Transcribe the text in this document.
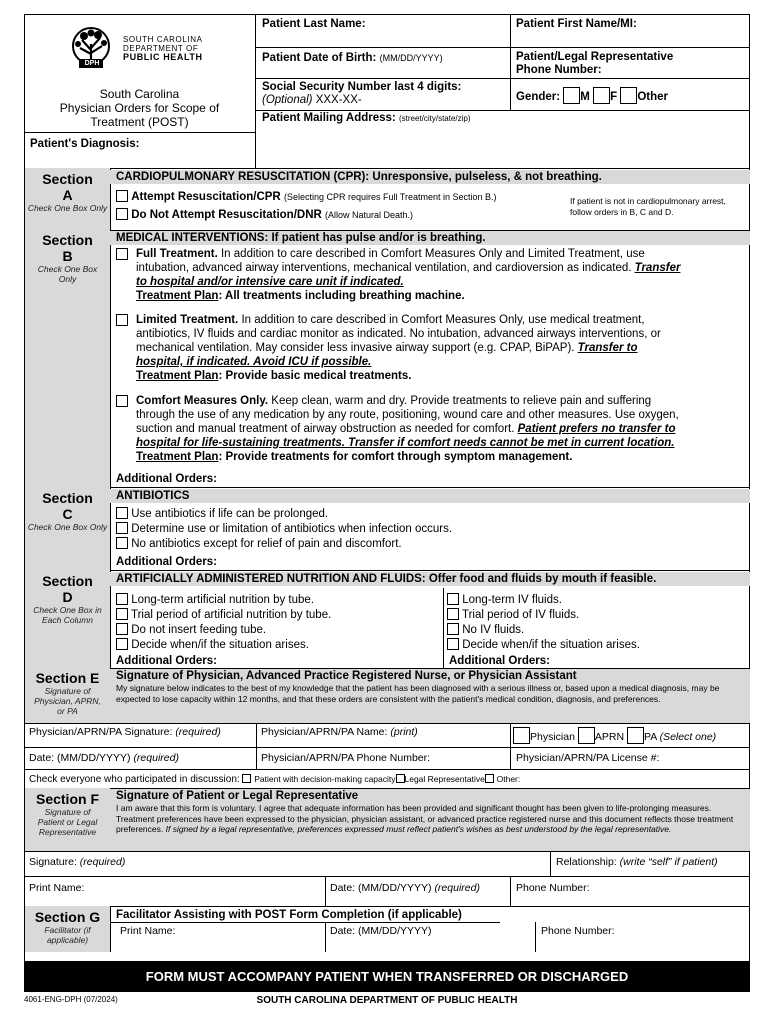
DPH
SOUTH CAROLINA
DEPARTMENT OF
PUBLIC HEALTH
South Carolina
Physician Orders for Scope of
Treatment (POST)
Patient's Diagnosis:
Patient Last Name:	Patient First Name/MI:
Patient Date of Birth: (MM/DD/YYYY)	Patient/Legal Representative
Phone Number:
Social Security Number last 4 digits:
(Optional) XXX-XX-	Gender: M F Other
Patient Mailing Address: (street/city/state/zip)
Section
A
Check One Box Only
CARDIOPULMONARY RESUSCITATION (CPR): Unresponsive, pulseless, & not breathing.
Attempt Resuscitation/CPR (Selecting CPR requires Full Treatment in Section B.)
Do Not Attempt Resuscitation/DNR (Allow Natural Death.)
If patient is not in cardiopulmonary arrest, follow orders in B, C and D.
Section
B
Check One Box Only
MEDICAL INTERVENTIONS: If patient has pulse and/or is breathing.
Full Treatment. In addition to care described in Comfort Measures Only and Limited Treatment, use
intubation, advanced airway interventions, mechanical ventilation, and cardioversion as indicated. Transfer
to hospital and/or intensive care unit if indicated.
Treatment Plan: All treatments including breathing machine.
Limited Treatment. In addition to care described in Comfort Measures Only, use medical treatment,
antibiotics, IV fluids and cardiac monitor as indicated. No intubation, advanced airways interventions, or
mechanical ventilation. May consider less invasive airway support (e.g. CPAP, BiPAP). Transfer to
hospital, if indicated. Avoid ICU if possible.
Treatment Plan: Provide basic medical treatments.
Comfort Measures Only. Keep clean, warm and dry. Provide treatments to relieve pain and suffering
through the use of any medication by any route, positioning, wound care and other measures. Use oxygen,
suction and manual treatment of airway obstruction as needed for comfort. Patient prefers no transfer to
hospital for life-sustaining treatments. Transfer if comfort needs cannot be met in current location.
Treatment Plan: Provide treatments for comfort through symptom management.
Additional Orders:
Section
C
Check One Box Only
ANTIBIOTICS
Use antibiotics if life can be prolonged.
Determine use or limitation of antibiotics when infection occurs.
No antibiotics except for relief of pain and discomfort.
Additional Orders:
Section
D
Check One Box in Each Column
ARTIFICIALLY ADMINISTERED NUTRITION AND FLUIDS: Offer food and fluids by mouth if feasible.
Long-term artificial nutrition by tube.
Trial period of artificial nutrition by tube.
Do not insert feeding tube.
Decide when/if the situation arises.
Additional Orders:
Long-term IV fluids.
Trial period of IV fluids.
No IV fluids.
Decide when/if the situation arises.
Additional Orders:
Section E
Signature of Physician, APRN, or PA
Signature of Physician, Advanced Practice Registered Nurse, or Physician Assistant
My signature below indicates to the best of my knowledge that the patient has been diagnosed with a serious illness or, based upon a medical diagnosis, may be expected to lose capacity within 12 months, and that these orders are consistent with the patient's medical condition, diagnosis, and preferences.
Physician/APRN/PA Signature: (required)	Physician/APRN/PA Name: (print)	Physician APRN PA (Select one)
Date: (MM/DD/YYYY) (required)	Physician/APRN/PA Phone Number:	Physician/APRN/PA License #:
Check everyone who participated in discussion: Patient with decision-making capacity Legal Representative Other:
Section F
Signature of Patient or Legal Representative
Signature of Patient or Legal Representative
I am aware that this form is voluntary. I agree that adequate information has been provided and significant thought has been given to life-prolonging measures. Treatment preferences have been expressed to the physician, physician assistant, or advanced practice registered nurse and this document reflects those treatment preferences. If signed by a legal representative, preferences expressed must reflect patient's wishes as best understood by the legal representative.
Signature: (required)	Relationship: (write “self” if patient)
Print Name:	Date: (MM/DD/YYYY) (required)	Phone Number:
Section G
Facilitator (if applicable)
Facilitator Assisting with POST Form Completion (if applicable)
Print Name:	Date: (MM/DD/YYYY)	Phone Number:
FORM MUST ACCOMPANY PATIENT WHEN TRANSFERRED OR DISCHARGED
4061-ENG-DPH (07/2024)	SOUTH CAROLINA DEPARTMENT OF PUBLIC HEALTH
